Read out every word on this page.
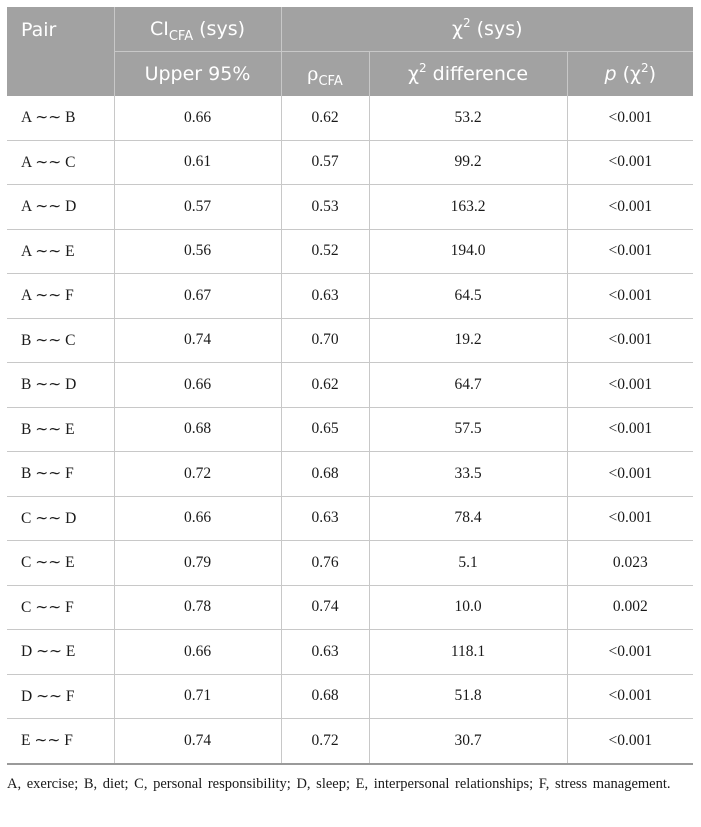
Pair	$CI_{CFA}$ (sys)	$\chi^2$ (sys)		
	Upper 95%	$\rho_{CFA}$	$\chi^2$ difference	p $(\chi^2)$
A ∼∼ B	0.66	0.62	53.2	<0.001
A ∼∼ C	0.61	0.57	99.2	<0.001
A ∼∼ D	0.57	0.53	163.2	<0.001
A ∼∼ E	0.56	0.52	194.0	<0.001
A ∼∼ F	0.67	0.63	64.5	<0.001
B ∼∼ C	0.74	0.70	19.2	<0.001
B ∼∼ D	0.66	0.62	64.7	<0.001
B ∼∼ E	0.68	0.65	57.5	<0.001
B ∼∼ F	0.72	0.68	33.5	<0.001
C ∼∼ D	0.66	0.63	78.4	<0.001
C ∼∼ E	0.79	0.76	5.1	0.023
C ∼∼ F	0.78	0.74	10.0	0.002
D ∼∼ E	0.66	0.63	118.1	<0.001
D ∼∼ F	0.71	0.68	51.8	<0.001
E ∼∼ F	0.74	0.72	30.7	<0.001
A, exercise; B, diet; C, personal responsibility; D, sleep; E, interpersonal relationships; F, stress management.
